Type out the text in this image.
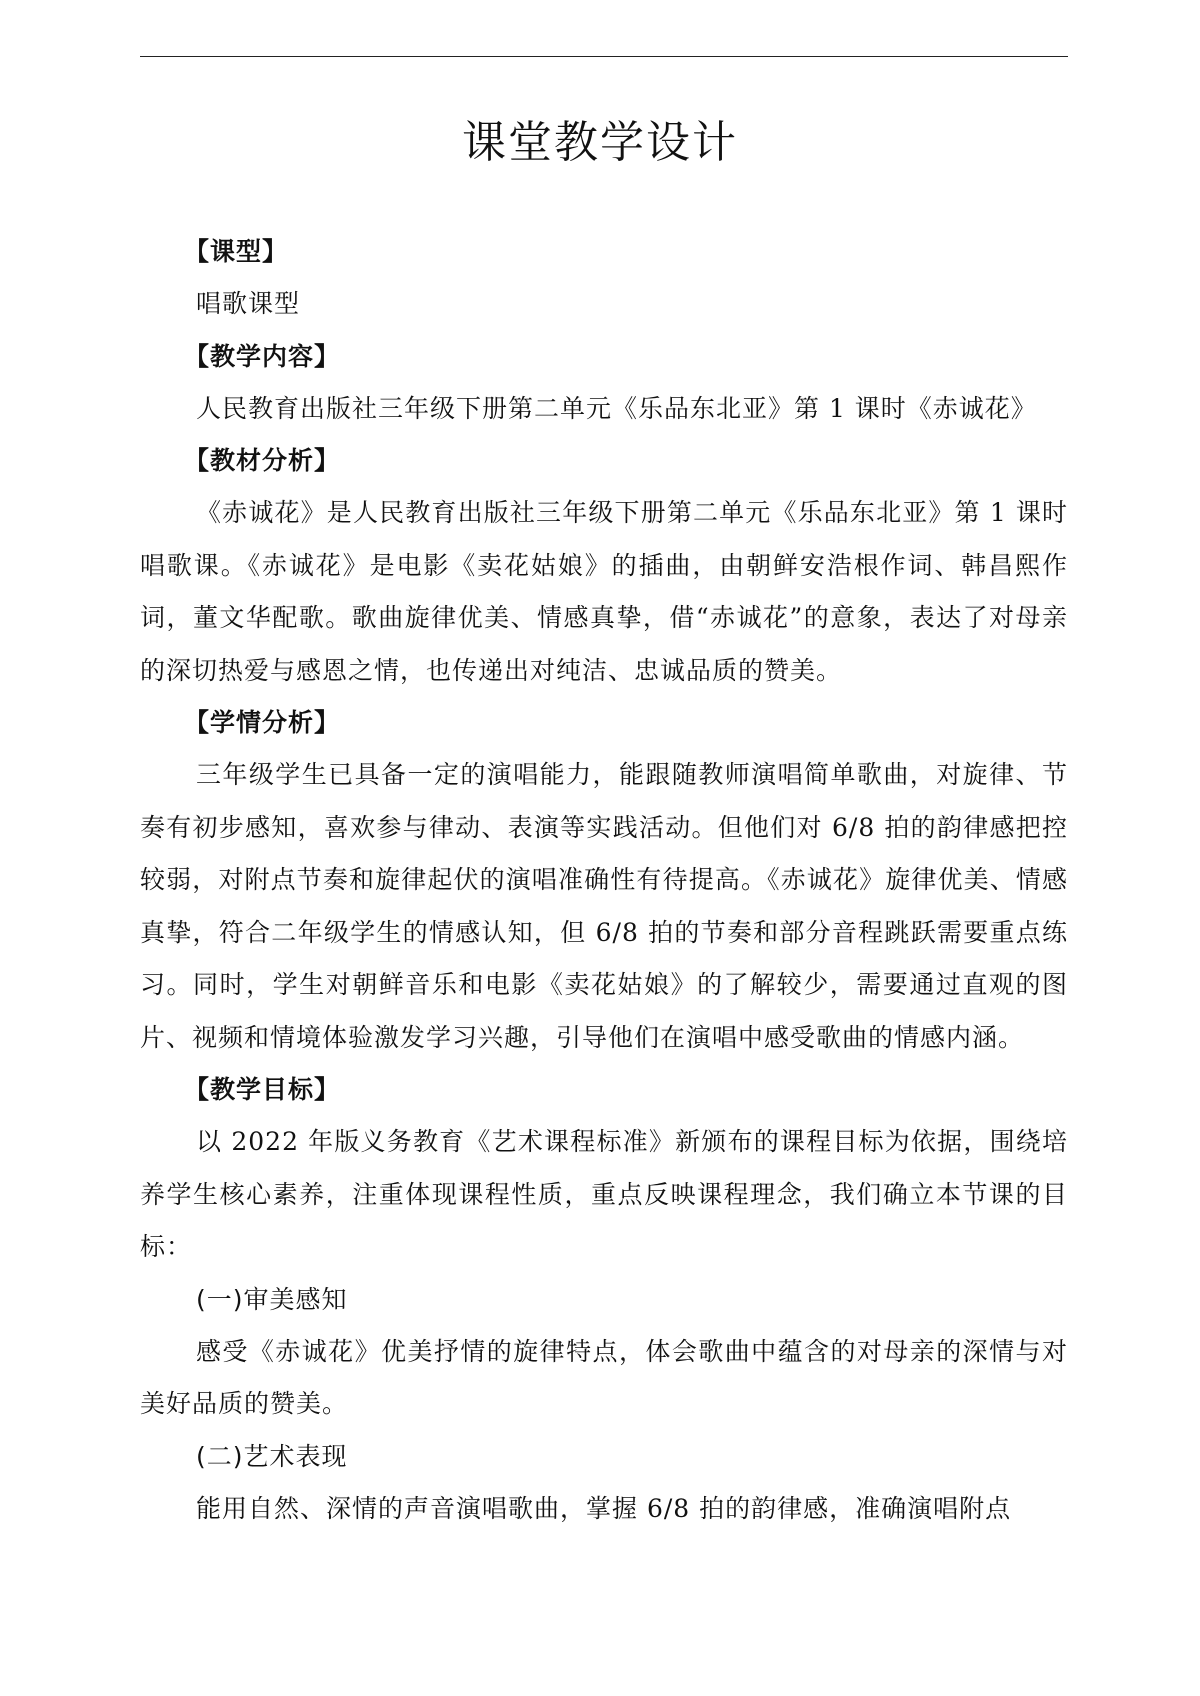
课堂教学设计
【课型】

唱歌课型

【教学内容】

人民教育出版社三年级下册第二单元《乐品东北亚》第 1 课时《赤诚花》

【教材分析】

《赤诚花》是人民教育出版社三年级下册第二单元《乐品东北亚》第 1 课时唱歌课。《赤诚花》是电影《卖花姑娘》的插曲，由朝鲜安浩根作词、韩昌熙作词，董文华配歌。歌曲旋律优美、情感真挚，借“赤诚花”的意象，表达了对母亲的深切热爱与感恩之情，也传递出对纯洁、忠诚品质的赞美。

【学情分析】

三年级学生已具备一定的演唱能力，能跟随教师演唱简单歌曲，对旋律、节奏有初步感知，喜欢参与律动、表演等实践活动。但他们对 6/8 拍的韵律感把控较弱，对附点节奏和旋律起伏的演唱准确性有待提高。《赤诚花》旋律优美、情感真挚，符合二年级学生的情感认知，但 6/8 拍的节奏和部分音程跳跃需要重点练习。同时，学生对朝鲜音乐和电影《卖花姑娘》的了解较少，需要通过直观的图片、视频和情境体验激发学习兴趣，引导他们在演唱中感受歌曲的情感内涵。

【教学目标】

以 2022 年版义务教育《艺术课程标准》新颁布的课程目标为依据，围绕培养学生核心素养，注重体现课程性质，重点反映课程理念，我们确立本节课的目标：

(一)审美感知

感受《赤诚花》优美抒情的旋律特点，体会歌曲中蕴含的对母亲的深情与对美好品质的赞美。

(二)艺术表现

能用自然、深情的声音演唱歌曲，掌握 6/8 拍的韵律感，准确演唱附点
